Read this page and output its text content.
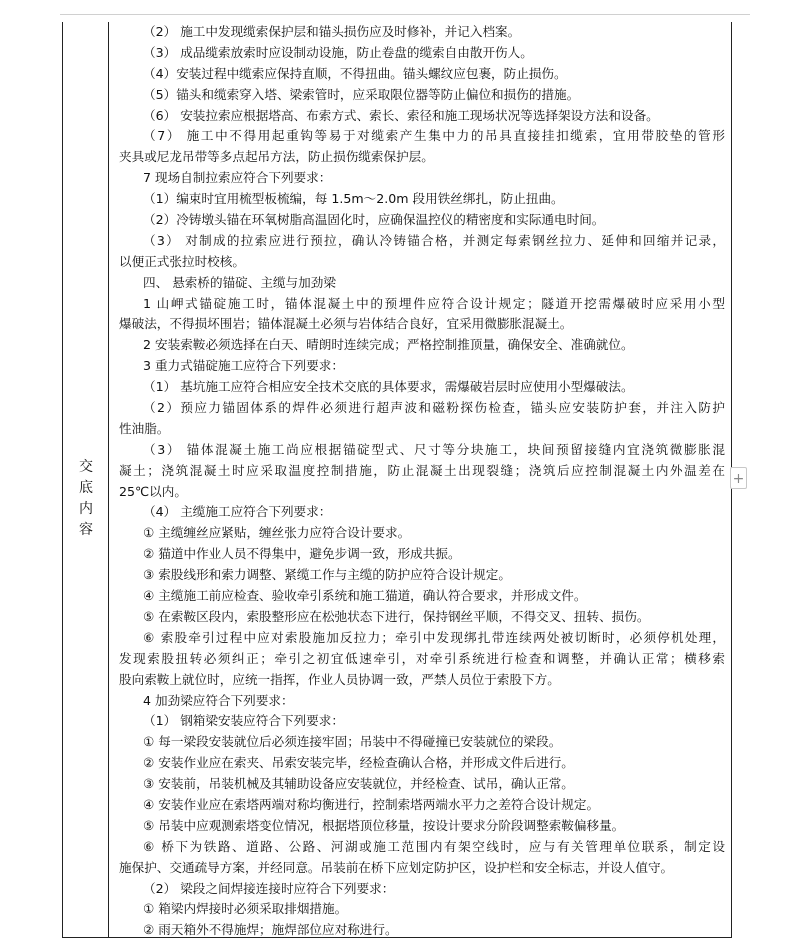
交
底
内
容
（2） 施工中发现缆索保护层和锚头损伤应及时修补，并记入档案。
（3） 成品缆索放索时应设制动设施，防止卷盘的缆索自由散开伤人。
（4）安装过程中缆索应保持直顺，不得扭曲。锚头螺纹应包裹，防止损伤。
（5）锚头和缆索穿入塔、梁索管时，应采取限位器等防止偏位和损伤的措施。
（6） 安装拉索应根据塔高、布索方式、索长、索径和施工现场状况等选择架设方法和设备。
（7） 施工中不得用起重钩等易于对缆索产生集中力的吊具直接挂扣缆索，宜用带胶垫的管形
夹具或尼龙吊带等多点起吊方法，防止损伤缆索保护层。
7 现场自制拉索应符合下列要求：
（1）编束时宜用梳型板梳编，每 1.5m～2.0m 段用铁丝绑扎，防止扭曲。
（2）冷铸墩头锚在环氧树脂高温固化时，应确保温控仪的精密度和实际通电时间。
（3） 对制成的拉索应进行预拉，确认冷铸锚合格，并测定每索钢丝拉力、延伸和回缩并记录，
以便正式张拉时校核。
四、 悬索桥的锚碇、主缆与加劲梁
1 山岬式锚碇施工时，锚体混凝土中的预埋件应符合设计规定；隧道开挖需爆破时应采用小型
爆破法，不得损坏围岩；锚体混凝土必须与岩体结合良好，宜采用微膨胀混凝土。
2 安装索鞍必须选择在白天、晴朗时连续完成；严格控制推顶量，确保安全、准确就位。
3 重力式锚碇施工应符合下列要求：
（1） 基坑施工应符合相应安全技术交底的具体要求，需爆破岩层时应使用小型爆破法。
（2）预应力锚固体系的焊件必须进行超声波和磁粉探伤检查，锚头应安装防护套，并注入防护
性油脂。
（3） 锚体混凝土施工尚应根据锚碇型式、尺寸等分块施工，块间预留接缝内宜浇筑微膨胀混
凝土；浇筑混凝土时应采取温度控制措施，防止混凝土出现裂缝；浇筑后应控制混凝土内外温差在
25℃以内。
（4） 主缆施工应符合下列要求：
① 主缆缠丝应紧贴，缠丝张力应符合设计要求。
② 猫道中作业人员不得集中，避免步调一致，形成共振。
③ 索股线形和索力调整、紧缆工作与主缆的防护应符合设计规定。
④ 主缆施工前应检查、验收牵引系统和施工猫道，确认符合要求，并形成文件。
⑤ 在索鞍区段内，索股整形应在松弛状态下进行，保持钢丝平顺，不得交叉、扭转、损伤。
⑥ 索股牵引过程中应对索股施加反拉力；牵引中发现绑扎带连续两处被切断时，必须停机处理，
发现索股扭转必须纠正；牵引之初宜低速牵引，对牵引系统进行检查和调整，并确认正常；横移索
股向索鞍上就位时，应统一指挥，作业人员协调一致，严禁人员位于索股下方。
4 加劲梁应符合下列要求：
（1） 钢箱梁安装应符合下列要求：
① 每一梁段安装就位后必须连接牢固；吊装中不得碰撞已安装就位的梁段。
② 安装作业应在索夹、吊索安装完毕，经检查确认合格，并形成文件后进行。
③ 安装前，吊装机械及其辅助设备应安装就位，并经检查、试吊，确认正常。
④ 安装作业应在索塔两端对称均衡进行，控制索塔两端水平力之差符合设计规定。
⑤ 吊装中应观测索塔变位情况，根据塔顶位移量，按设计要求分阶段调整索鞍偏移量。
⑥ 桥下为铁路、道路、公路、河湖或施工范围内有架空线时，应与有关管理单位联系，制定设
施保护、交通疏导方案，并经同意。吊装前在桥下应划定防护区，设护栏和安全标志，并设人值守。
（2） 梁段之间焊接连接时应符合下列要求：
① 箱梁内焊接时必须采取排烟措施。
② 雨天箱外不得施焊；施焊部位应对称进行。
+
